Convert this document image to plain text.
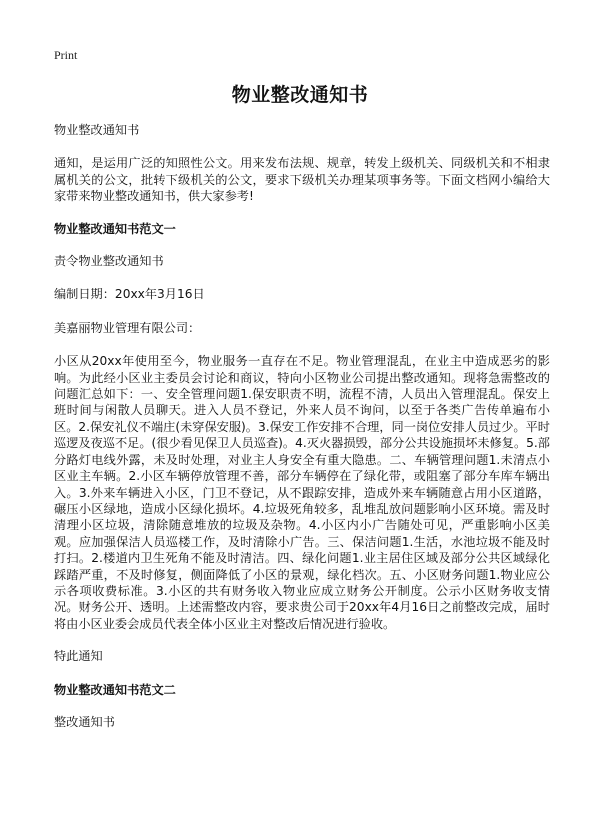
Print
物业整改通知书
物业整改通知书
通知，是运用广泛的知照性公文。用来发布法规、规章，转发上级机关、同级机关和不相隶属机关的公文，批转下级机关的公文，要求下级机关办理某项事务等。下面文档网小编给大家带来物业整改通知书，供大家参考!
物业整改通知书范文一
责令物业整改通知书
编制日期：20xx年3月16日
美嘉丽物业管理有限公司：
小区从20xx年使用至今，物业服务一直存在不足。物业管理混乱，在业主中造成恶劣的影响。为此经小区业主委员会讨论和商议，特向小区物业公司提出整改通知。现将急需整改的问题汇总如下：一、安全管理问题1.保安职责不明，流程不清，人员出入管理混乱。保安上班时间与闲散人员聊天。进入人员不登记，外来人员不询问，以至于各类广告传单遍布小区。2.保安礼仪不端庄(未穿保安服)。3.保安工作安排不合理，同一岗位安排人员过少。平时巡逻及夜巡不足。(很少看见保卫人员巡查)。4.灭火器损毁，部分公共设施损坏未修复。5.部分路灯电线外露，未及时处理，对业主人身安全有重大隐患。二、车辆管理问题1.未清点小区业主车辆。2.小区车辆停放管理不善，部分车辆停在了绿化带，或阻塞了部分车库车辆出入。3.外来车辆进入小区，门卫不登记，从不跟踪安排，造成外来车辆随意占用小区道路，碾压小区绿地，造成小区绿化损坏。4.垃圾死角较多，乱堆乱放问题影响小区环境。需及时清理小区垃圾，清除随意堆放的垃圾及杂物。4.小区内小广告随处可见，严重影响小区美观。应加强保洁人员巡楼工作，及时清除小广告。三、保洁问题1.生活，水池垃圾不能及时打扫。2.楼道内卫生死角不能及时清洁。四、绿化问题1.业主居住区域及部分公共区域绿化踩踏严重，不及时修复，侧面降低了小区的景观，绿化档次。五、小区财务问题1.物业应公示各项收费标准。3.小区的共有财务收入物业应成立财务公开制度。公示小区财务收支情况。财务公开、透明。上述需整改内容，要求贵公司于20xx年4月16日之前整改完成，届时将由小区业委会成员代表全体小区业主对整改后情况进行验收。
特此通知
物业整改通知书范文二
整改通知书
